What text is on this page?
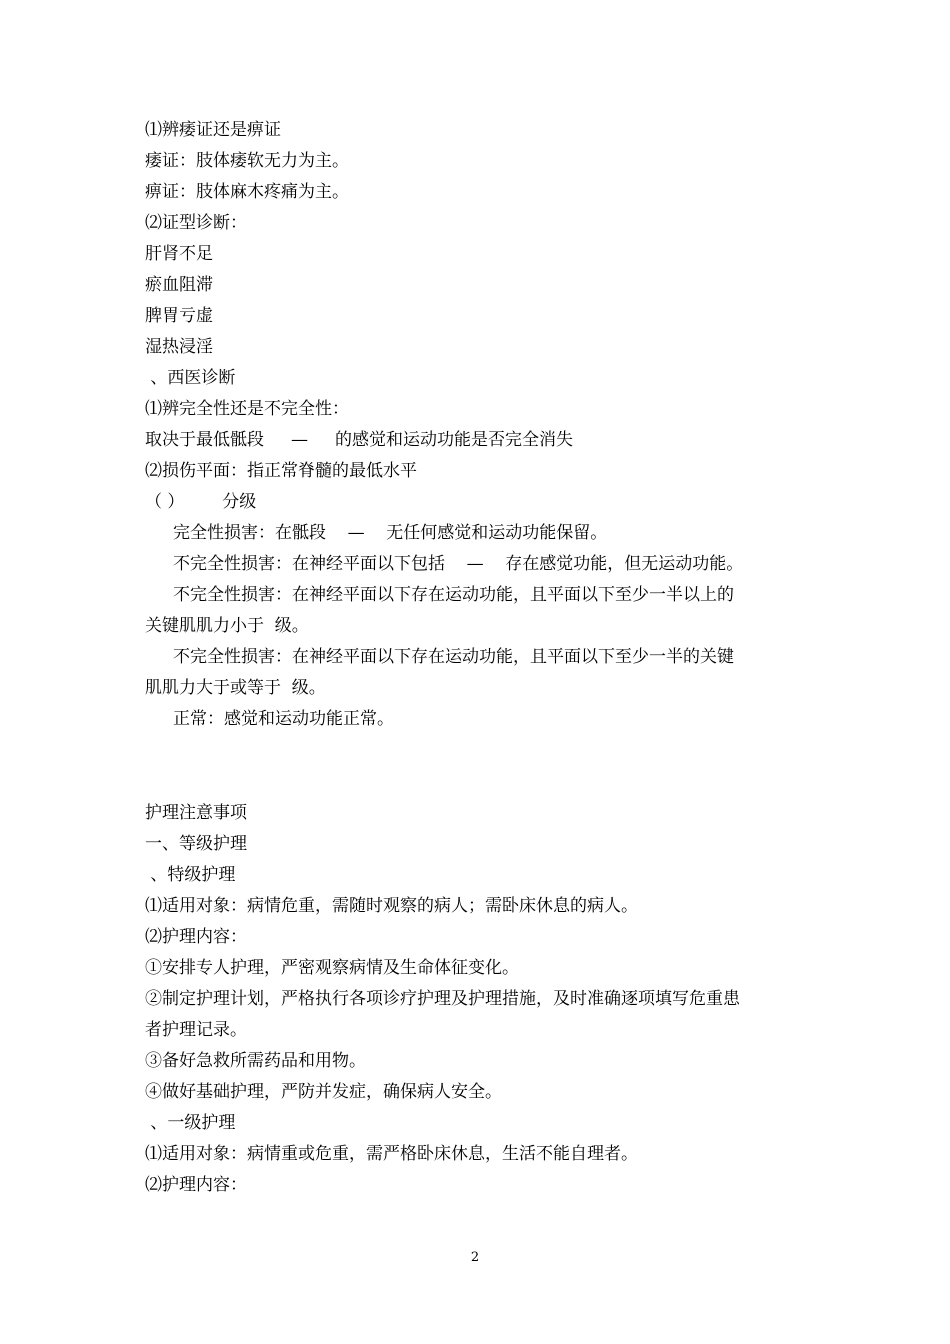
⑴辨痿证还是痹证
痿证：肢体痿软无力为主。
痹证：肢体麻木疼痛为主。
⑵证型诊断：
肝肾不足
瘀血阻滞
脾胃亏虚
湿热浸淫
、西医诊断
⑴辨完全性还是不完全性：
取决于最低骶段     —     的感觉和运动功能是否完全消失
⑵损伤平面：指正常脊髓的最低水平
（ ）       分级
完全性损害：在骶段    —    无任何感觉和运动功能保留。
不完全性损害：在神经平面以下包括    —    存在感觉功能，但无运动功能。
不完全性损害：在神经平面以下存在运动功能，且平面以下至少一半以上的
关键肌肌力小于  级。
不完全性损害：在神经平面以下存在运动功能，且平面以下至少一半的关键
肌肌力大于或等于  级。
正常：感觉和运动功能正常。
护理注意事项
一、等级护理
、特级护理
⑴适用对象：病情危重，需随时观察的病人；需卧床休息的病人。
⑵护理内容：
①安排专人护理，严密观察病情及生命体征变化。
②制定护理计划，严格执行各项诊疗护理及护理措施，及时准确逐项填写危重患
者护理记录。
③备好急救所需药品和用物。
④做好基础护理，严防并发症，确保病人安全。
、一级护理
⑴适用对象：病情重或危重，需严格卧床休息，生活不能自理者。
⑵护理内容：
2
